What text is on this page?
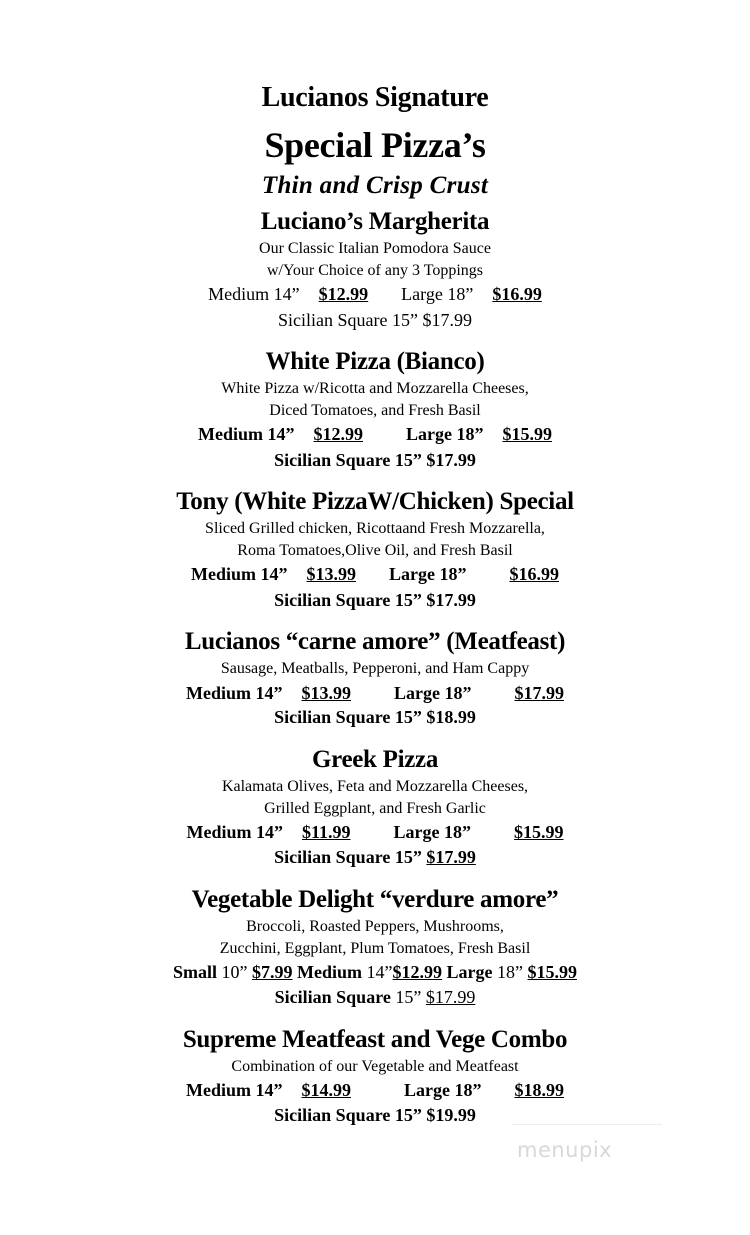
Lucianos Signature
Special Pizza’s
Thin and Crisp Crust
Luciano’s Margherita
Our Classic Italian Pomodora Sauce
w/Your Choice of any 3 Toppings
Medium 14” $12.99 Large 18” $16.99
Sicilian Square 15” $17.99
White Pizza (Bianco)
White Pizza w/Ricotta and Mozzarella Cheeses,
Diced Tomatoes, and Fresh Basil
Medium 14” $12.99 Large 18” $15.99
Sicilian Square 15” $17.99
Tony (White PizzaW/Chicken) Special
Sliced Grilled chicken, Ricottaand Fresh Mozzarella,
Roma Tomatoes,Olive Oil, and Fresh Basil
Medium 14” $13.99 Large 18” $16.99
Sicilian Square 15” $17.99
Lucianos “carne amore” (Meatfeast)
Sausage, Meatballs, Pepperoni, and Ham Cappy
Medium 14” $13.99 Large 18” $17.99
Sicilian Square 15” $18.99
Greek Pizza
Kalamata Olives, Feta and Mozzarella Cheeses,
Grilled Eggplant, and Fresh Garlic
Medium 14” $11.99 Large 18” $15.99
Sicilian Square 15” $17.99
Vegetable Delight “verdure amore”
Broccoli, Roasted Peppers, Mushrooms,
Zucchini, Eggplant, Plum Tomatoes, Fresh Basil
Small 10” $7.99 Medium 14”$12.99 Large 18” $15.99
Sicilian Square 15” $17.99
Supreme Meatfeast and Vege Combo
Combination of our Vegetable and Meatfeast
Medium 14” $14.99	Large 18” $18.99
Sicilian Square 15” $19.99
menupix
